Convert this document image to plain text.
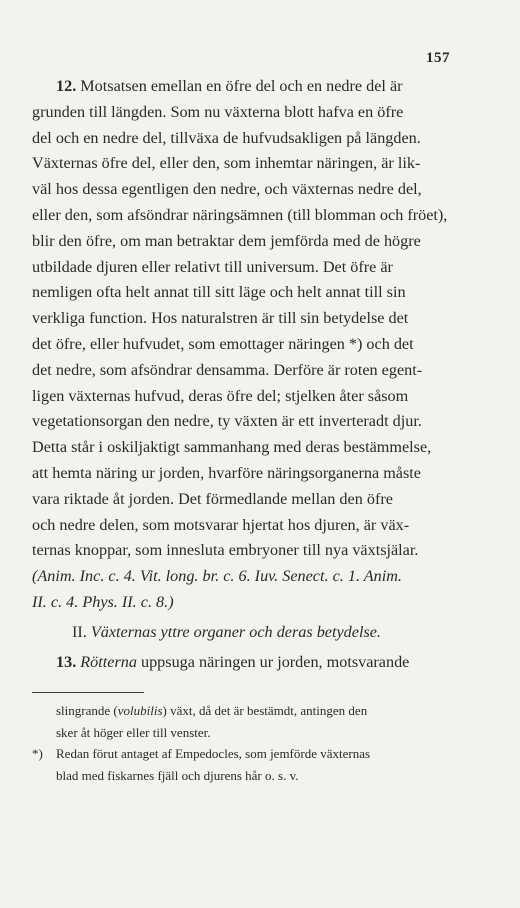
157

12. Motsatsen emellan en öfre del och en nedre del är
grunden till längden. Som nu växterna blott hafva en öfre
del och en nedre del, tillväxa de hufvudsakligen på längden.
Växternas öfre del, eller den, som inhemtar näringen, är lik-
väl hos dessa egentligen den nedre, och växternas nedre del,
eller den, som afsöndrar näringsämnen (till blomman och fröet),
blir den öfre, om man betraktar dem jemförda med de högre
utbildade djuren eller relativt till universum. Det öfre är
nemligen ofta helt annat till sitt läge och helt annat till sin
verkliga function. Hos naturalstren är till sin betydelse det
det öfre, eller hufvudet, som emottager näringen *) och det
det nedre, som afsöndrar densamma. Derföre är roten egent-
ligen växternas hufvud, deras öfre del; stjelken åter såsom
vegetationsorgan den nedre, ty växten är ett inverteradt djur.
Detta står i oskiljaktigt sammanhang med deras bestämmelse,
att hemta näring ur jorden, hvarföre näringsorganerna måste
vara riktade åt jorden. Det förmedlande mellan den öfre
och nedre delen, som motsvarar hjertat hos djuren, är väx-
ternas knoppar, som innesluta embryoner till nya växtsjälar.
(Anim. Inc. c. 4. Vit. long. br. c. 6. Iuv. Senect. c. 1. Anim.
II. c. 4. Phys. II. c. 8.)

II. Växternas yttre organer och deras betydelse.

13. Rötterna uppsuga näringen ur jorden, motsvarande

slingrande (volubilis) växt, då det är bestämdt, antingen den
sker åt höger eller till venster.

*) Redan förut antaget af Empedocles, som jemförde växternas
blad med fiskarnes fjäll och djurens hår o. s. v.
